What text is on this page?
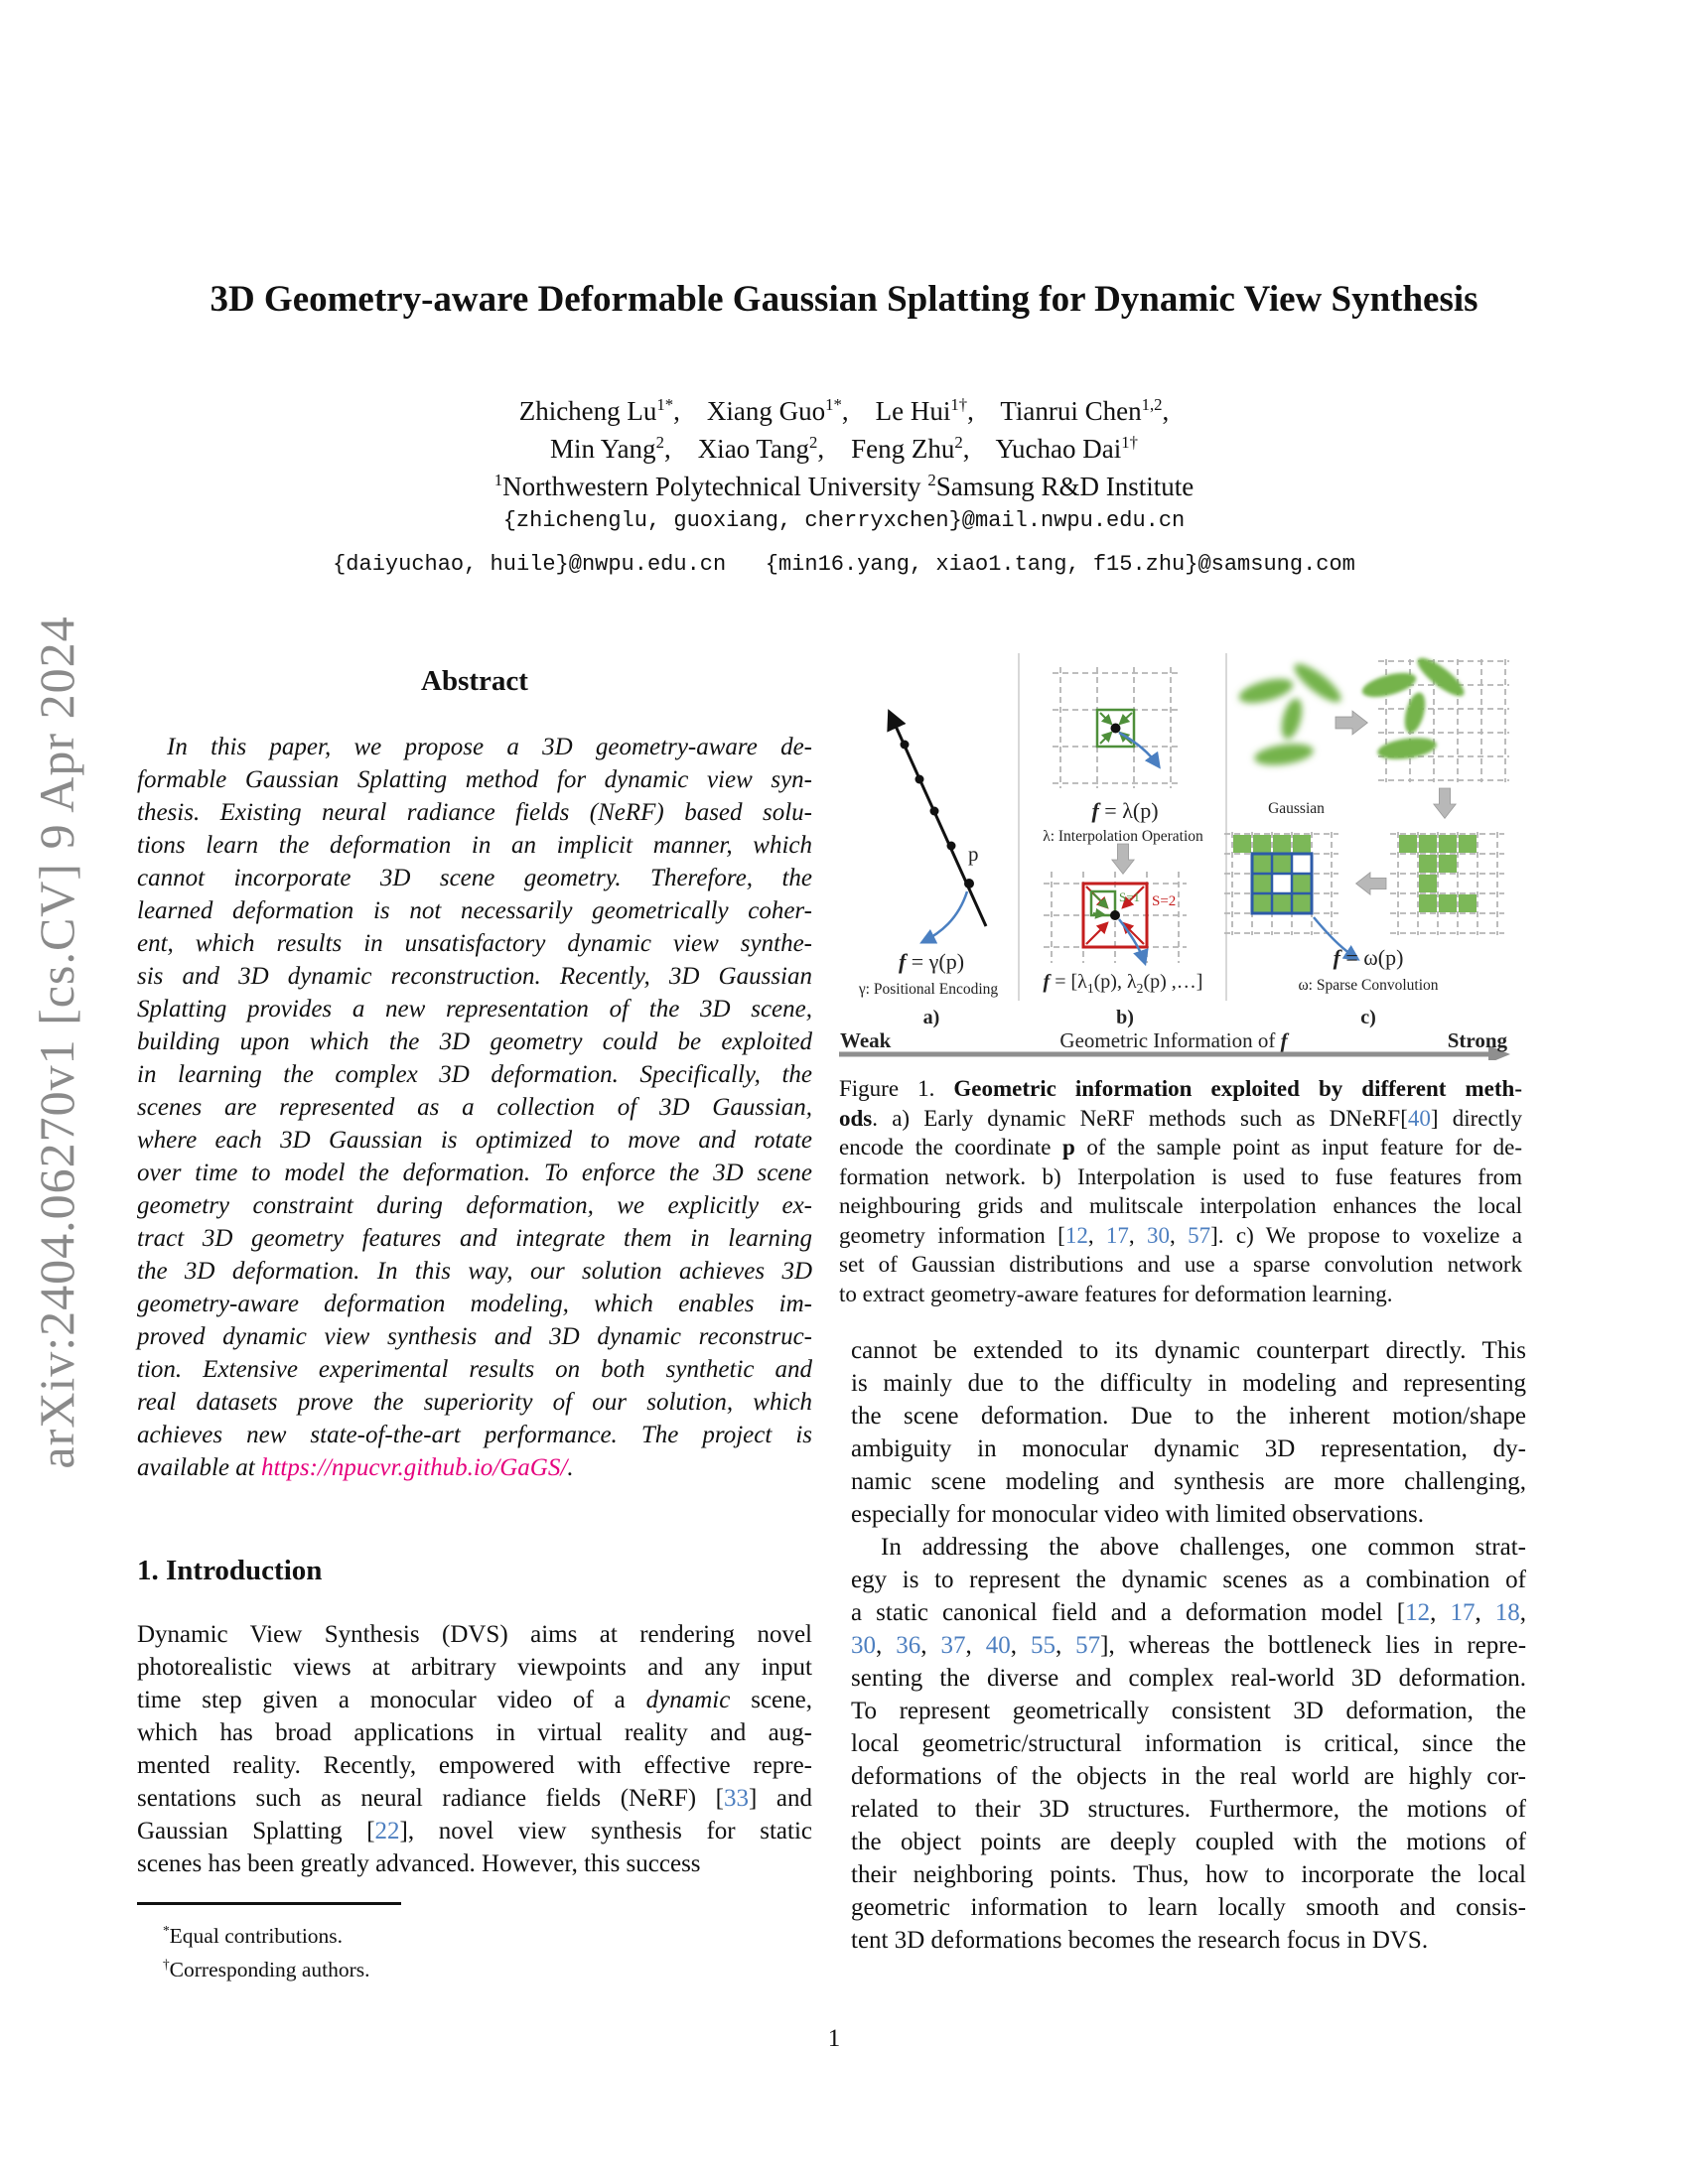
arXiv:2404.06270v1 [cs.CV] 9 Apr 2024
3D Geometry-aware Deformable Gaussian Splatting for Dynamic View Synthesis
Zhicheng $Lu^{1*}$,    Xiang Guo$^{1*}$,    Le Hui$^{1\dagger}$,    Tianrui Chen$^{1,2}$,
Min Yang$^2$,    Xiao Tang$^2$,    Feng Zhu$^2$,    Yuchao Dai$^{1\dagger}$
$^1$Northwestern Polytechnical University $^2$Samsung R&D Institute
{zhichenglu, guoxiang, cherryxchen}@mail.nwpu.edu.cn
{daiyuchao, huile}@nwpu.edu.cn   {min16.yang, xiao1.tang, f15.zhu}@samsung.com
Abstract
In this paper, we propose a 3D geometry-aware de-
formable Gaussian Splatting method for dynamic view syn-
thesis. Existing neural radiance fields (NeRF) based solu-
tions learn the deformation in an implicit manner, which
cannot incorporate 3D scene geometry. Therefore, the
learned deformation is not necessarily geometrically coher-
ent, which results in unsatisfactory dynamic view synthe-
sis and 3D dynamic reconstruction. Recently, 3D Gaussian
Splatting provides a new representation of the 3D scene,
building upon which the 3D geometry could be exploited
in learning the complex 3D deformation. Specifically, the
scenes are represented as a collection of 3D Gaussian,
where each 3D Gaussian is optimized to move and rotate
over time to model the deformation. To enforce the 3D scene
geometry constraint during deformation, we explicitly ex-
tract 3D geometry features and integrate them in learning
the 3D deformation. In this way, our solution achieves 3D
geometry-aware deformation modeling, which enables im-
proved dynamic view synthesis and 3D dynamic reconstruc-
tion. Extensive experimental results on both synthetic and
real datasets prove the superiority of our solution, which
achieves new state-of-the-art performance. The project is
available at https://npucvr.github.io/GaGS/.
1. Introduction
Dynamic View Synthesis (DVS) aims at rendering novel
photorealistic views at arbitrary viewpoints and any input
time step given a monocular video of a dynamic scene,
which has broad applications in virtual reality and aug-
mented reality. Recently, empowered with effective repre-
sentations such as neural radiance fields (NeRF) [33] and
Gaussian Splatting [22], novel view synthesis for static
scenes has been greatly advanced. However, this success
*Equal contributions.
†Corresponding authors.
p
f = γ(p)
γ: Positional Encoding
a)
f = λ(p)
λ: Interpolation Operation
S=2
S=1
$f = [\lambda_1(p)$, $\lambda_2(p)$ ,…]
b)
Gaussian
f = ω(p)
ω: Sparse Convolution
c)
Weak	Geometric Information of f	Strong
Figure 1. Geometric information exploited by different meth-
ods. a) Early dynamic NeRF methods such as DNeRF[40] directly
encode the coordinate p of the sample point as input feature for de-
formation network. b) Interpolation is used to fuse features from
neighbouring grids and mulitscale interpolation enhances the local
geometry information [12, 17, 30, 57]. c) We propose to voxelize a
set of Gaussian distributions and use a sparse convolution network
to extract geometry-aware features for deformation learning.
cannot be extended to its dynamic counterpart directly. This
is mainly due to the difficulty in modeling and representing
the scene deformation. Due to the inherent motion/shape
ambiguity in monocular dynamic 3D representation, dy-
namic scene modeling and synthesis are more challenging,
especially for monocular video with limited observations.
In addressing the above challenges, one common strat-
egy is to represent the dynamic scenes as a combination of
a static canonical field and a deformation model [12, 17, 18,
30, 36, 37, 40, 55, 57], whereas the bottleneck lies in repre-
senting the diverse and complex real-world 3D deformation.
To represent geometrically consistent 3D deformation, the
local geometric/structural information is critical, since the
deformations of the objects in the real world are highly cor-
related to their 3D structures. Furthermore, the motions of
the object points are deeply coupled with the motions of
their neighboring points. Thus, how to incorporate the local
geometric information to learn locally smooth and consis-
tent 3D deformations becomes the research focus in DVS.
1
